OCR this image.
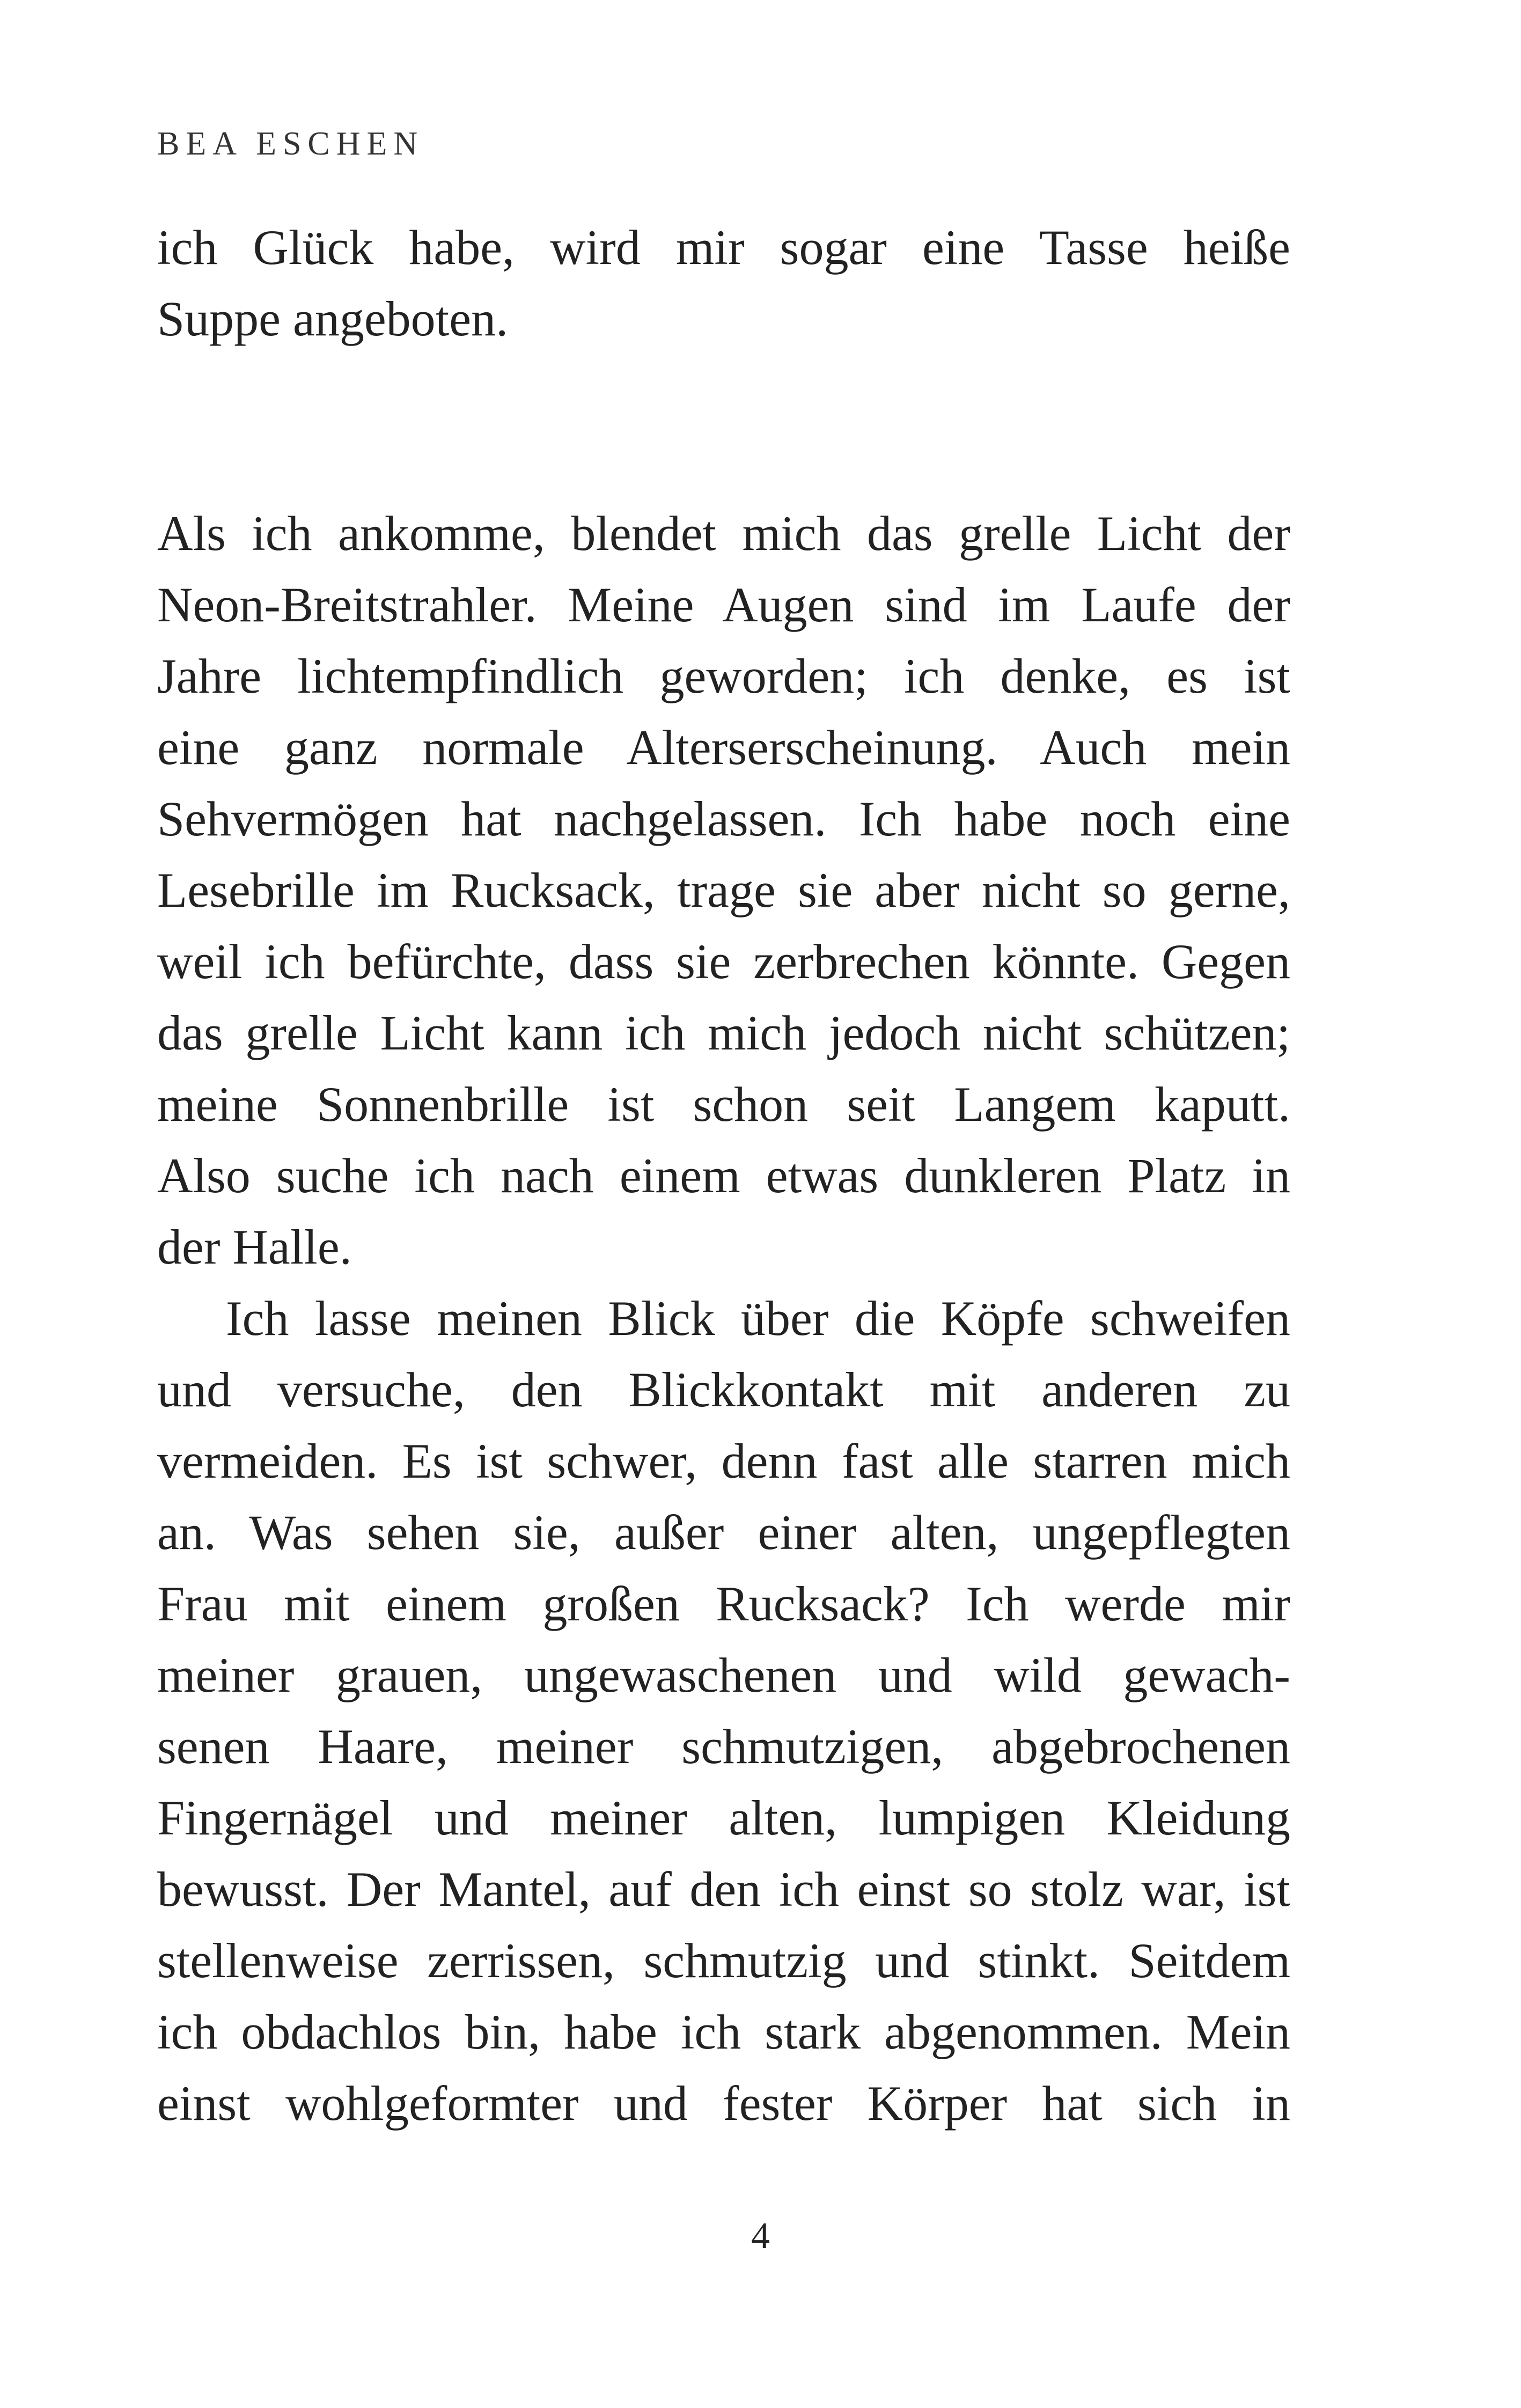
BEA ESCHEN
ich Glück habe, wird mir sogar eine Tasse heiße
Suppe angeboten.
Als ich ankomme, blendet mich das grelle Licht der
Neon-Breitstrahler. Meine Augen sind im Laufe der
Jahre lichtempfindlich geworden; ich denke, es ist
eine ganz normale Alterserscheinung. Auch mein
Sehvermögen hat nachgelassen. Ich habe noch eine
Lesebrille im Rucksack, trage sie aber nicht so gerne,
weil ich befürchte, dass sie zerbrechen könnte. Gegen
das grelle Licht kann ich mich jedoch nicht schützen;
meine Sonnenbrille ist schon seit Langem kaputt.
Also suche ich nach einem etwas dunkleren Platz in
der Halle.
Ich lasse meinen Blick über die Köpfe schweifen
und versuche, den Blickkontakt mit anderen zu
vermeiden. Es ist schwer, denn fast alle starren mich
an. Was sehen sie, außer einer alten, ungepflegten
Frau mit einem großen Rucksack? Ich werde mir
meiner grauen, ungewaschenen und wild gewach-
senen Haare, meiner schmutzigen, abgebrochenen
Fingernägel und meiner alten, lumpigen Kleidung
bewusst. Der Mantel, auf den ich einst so stolz war, ist
stellenweise zerrissen, schmutzig und stinkt. Seitdem
ich obdachlos bin, habe ich stark abgenommen. Mein
einst wohlgeformter und fester Körper hat sich in
4
